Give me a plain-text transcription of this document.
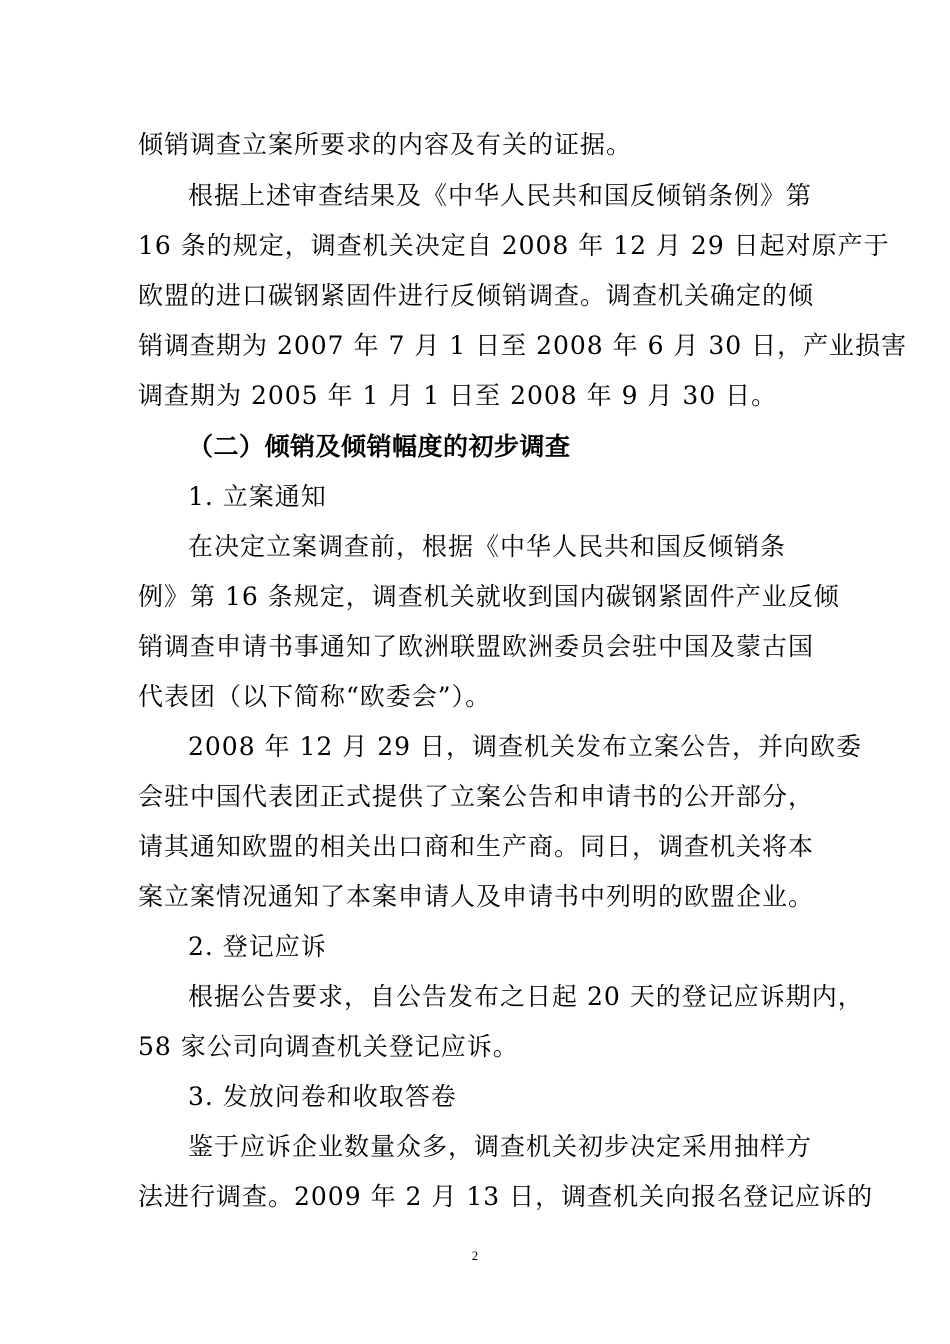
倾销调查立案所要求的内容及有关的证据。
根据上述审查结果及《中华人民共和国反倾销条例》第
16 条的规定，调查机关决定自 2008 年 12 月 29 日起对原产于
欧盟的进口碳钢紧固件进行反倾销调查。调查机关确定的倾
销调查期为 2007 年 7 月 1 日至 2008 年 6 月 30 日，产业损害
调查期为 2005 年 1 月 1 日至 2008 年 9 月 30 日。
（二）倾销及倾销幅度的初步调查
1. 立案通知
在决定立案调查前，根据《中华人民共和国反倾销条
例》第 16 条规定，调查机关就收到国内碳钢紧固件产业反倾
销调查申请书事通知了欧洲联盟欧洲委员会驻中国及蒙古国
代表团（以下简称“欧委会”）。
2008 年 12 月 29 日，调查机关发布立案公告，并向欧委
会驻中国代表团正式提供了立案公告和申请书的公开部分，
请其通知欧盟的相关出口商和生产商。同日，调查机关将本
案立案情况通知了本案申请人及申请书中列明的欧盟企业。
2. 登记应诉
根据公告要求，自公告发布之日起 20 天的登记应诉期内，
58 家公司向调查机关登记应诉。
3. 发放问卷和收取答卷
鉴于应诉企业数量众多，调查机关初步决定采用抽样方
法进行调查。2009 年 2 月 13 日，调查机关向报名登记应诉的
2
